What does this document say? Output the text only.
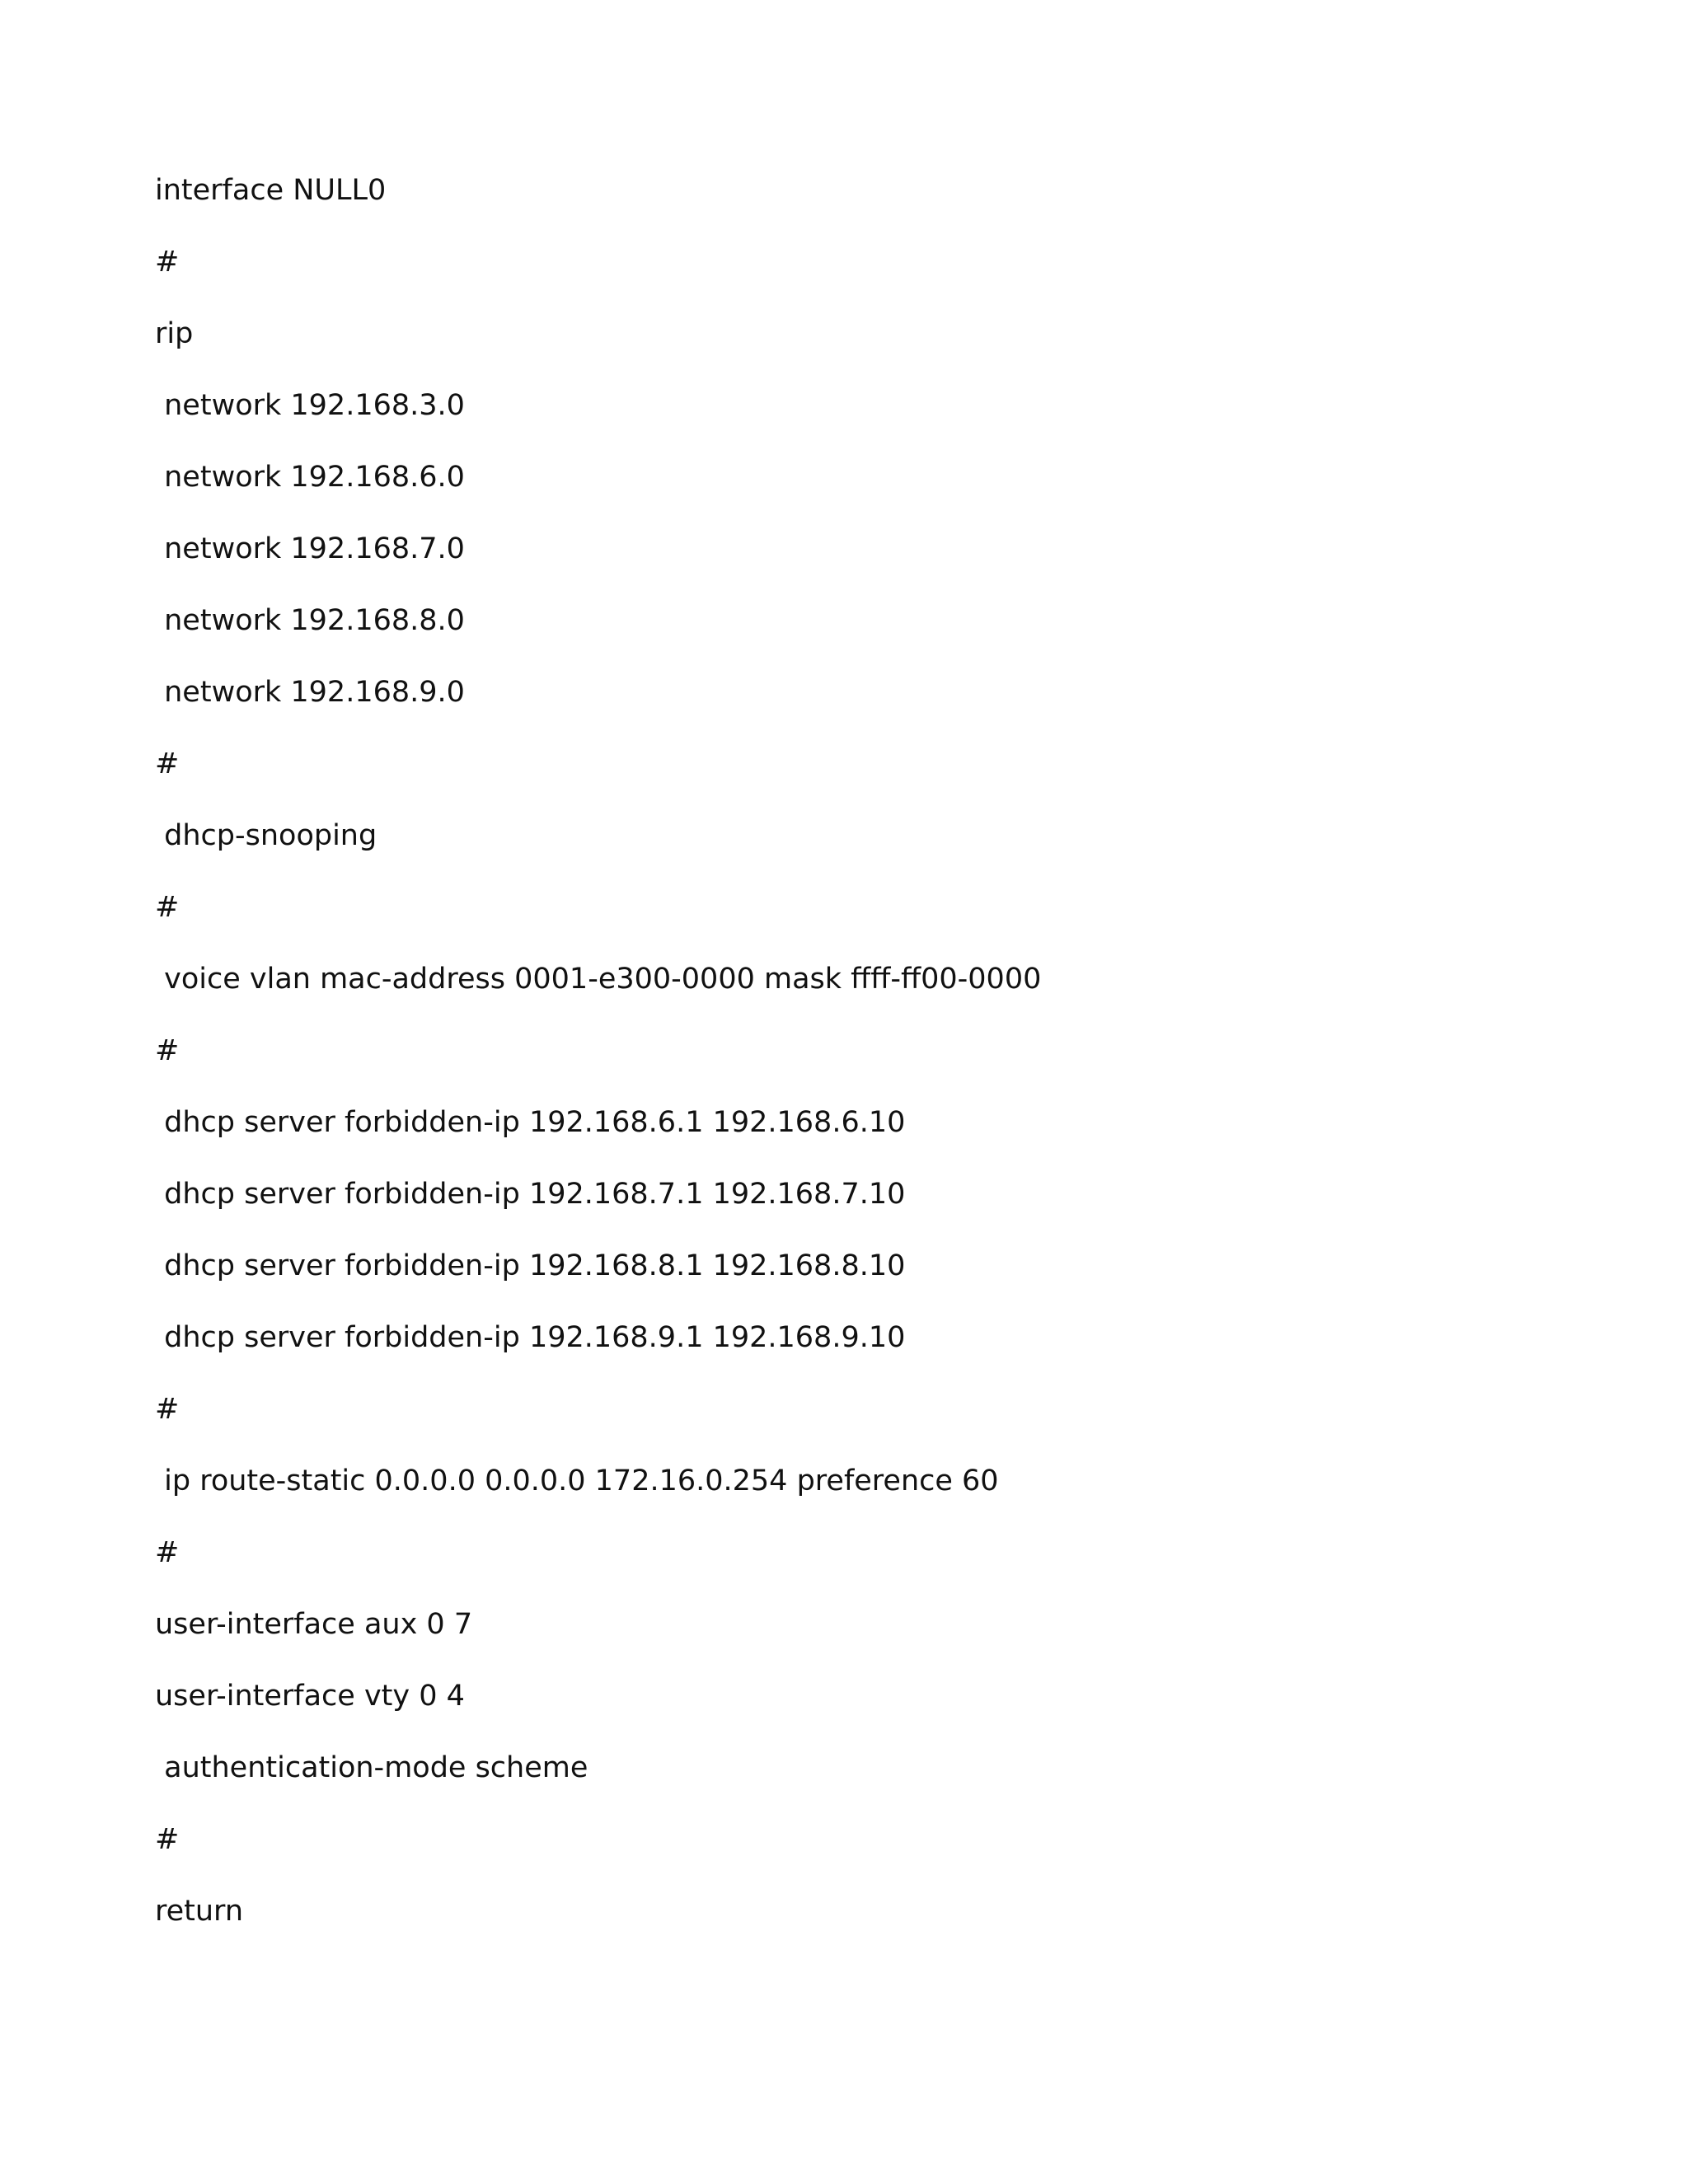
interface NULL0
#
rip
network 192.168.3.0
network 192.168.6.0
network 192.168.7.0
network 192.168.8.0
network 192.168.9.0
#
dhcp-snooping
#
voice vlan mac-address 0001-e300-0000 mask ffff-ff00-0000
#
dhcp server forbidden-ip 192.168.6.1 192.168.6.10
dhcp server forbidden-ip 192.168.7.1 192.168.7.10
dhcp server forbidden-ip 192.168.8.1 192.168.8.10
dhcp server forbidden-ip 192.168.9.1 192.168.9.10
#
ip route-static 0.0.0.0 0.0.0.0 172.16.0.254 preference 60
#
user-interface aux 0 7
user-interface vty 0 4
authentication-mode scheme
#
return
